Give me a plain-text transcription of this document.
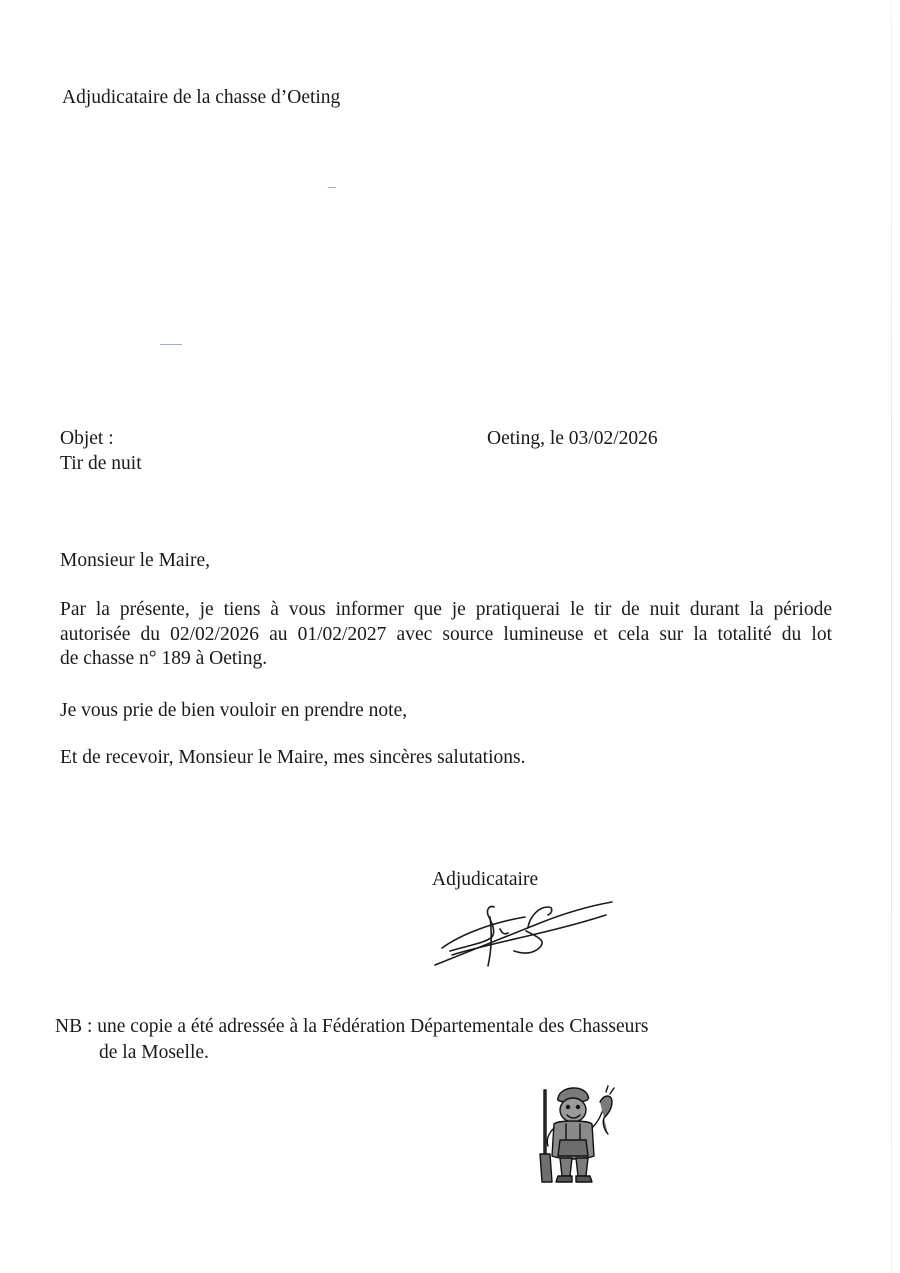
Adjudicataire de la chasse d’Oeting
Objet :
Tir de nuit
Oeting, le 03/02/2026
Monsieur le Maire,
Par la présente, je tiens à vous informer que je pratiquerai le tir de nuit durant la période
autorisée du 02/02/2026 au 01/02/2027 avec source lumineuse et cela sur la totalité du lot
de chasse n° 189 à Oeting.
Je vous prie de bien vouloir en prendre note,
Et de recevoir, Monsieur le Maire, mes sincères salutations.
Adjudicataire
NB : une copie a été adressée à la Fédération Départementale des Chasseurs
de la Moselle.
